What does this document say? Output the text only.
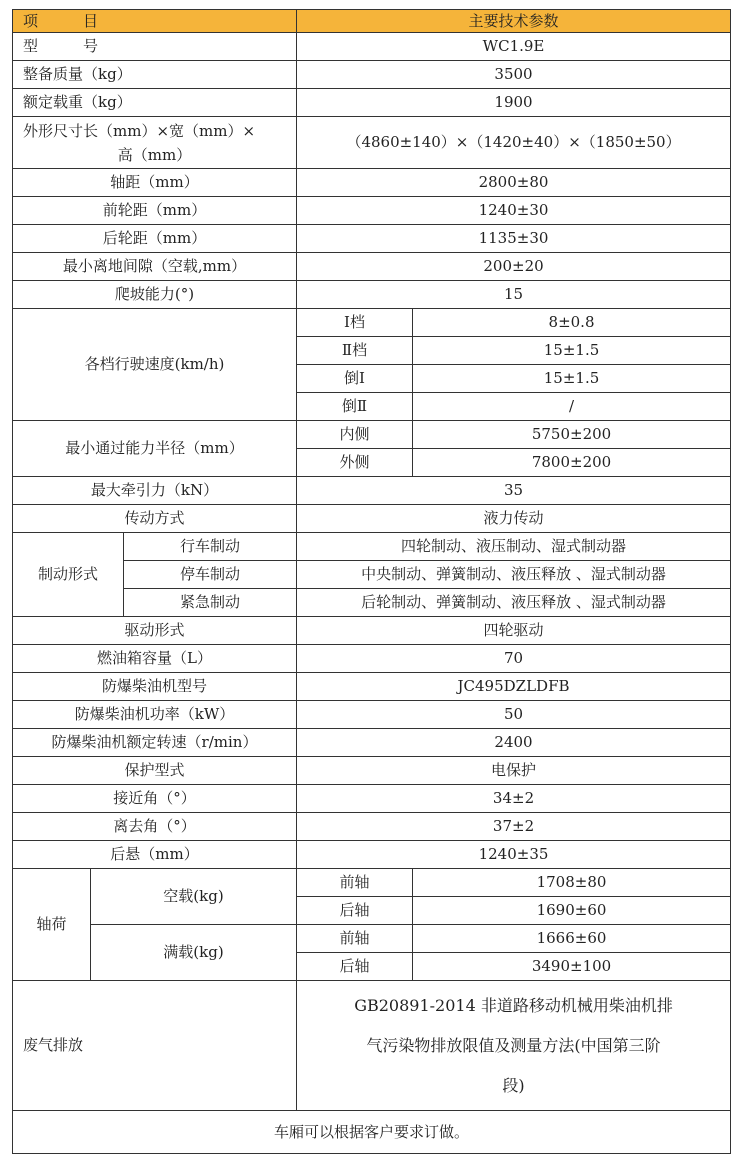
项　　　目			主要技术参数	
型　　　号			WC1.9E	
整备质量（kg）			3500	
额定载重（kg）			1900	

外形尺寸长（mm）×宽（mm）×
高（mm）			（4860±140）×（1420±40）×（1850±50）	
轴距（mm）			2800±80	
前轮距（mm）			1240±30	
后轮距（mm）			1135±30	
最小离地间隙（空载,mm）			200±20	
爬坡能力(°)			15	
各档行驶速度(km/h)			Ⅰ档	8±0.8
			Ⅱ档	15±1.5
			倒Ⅰ	15±1.5
			倒Ⅱ	/
最小通过能力半径（mm）			内侧	5750±200
			外侧	7800±200
最大牵引力（kN）			35	
传动方式			液力传动	
制动形式		行车制动	四轮制动、液压制动、湿式制动器	
		停车制动	中央制动、弹簧制动、液压释放 、湿式制动器	
		紧急制动	后轮制动、弹簧制动、液压释放 、湿式制动器	
驱动形式			四轮驱动	
燃油箱容量（L）			70	
防爆柴油机型号			JC495DZLDFB	
防爆柴油机功率（kW）			50	
防爆柴油机额定转速（r/min）			2400	
保护型式			电保护	
接近角（°）			34±2	
离去角（°）			37±2	
后悬（mm）			1240±35	
轴荷	空载(kg)		前轴	1708±80
			后轴	1690±60
	满载(kg)		前轴	1666±60
			后轴	3490±100
废气排放			GB20891-2014 非道路移动机械用柴油机排
气污染物排放限值及测量方法(中国第三阶
段)	

车厢可以根据客户要求订做。				
